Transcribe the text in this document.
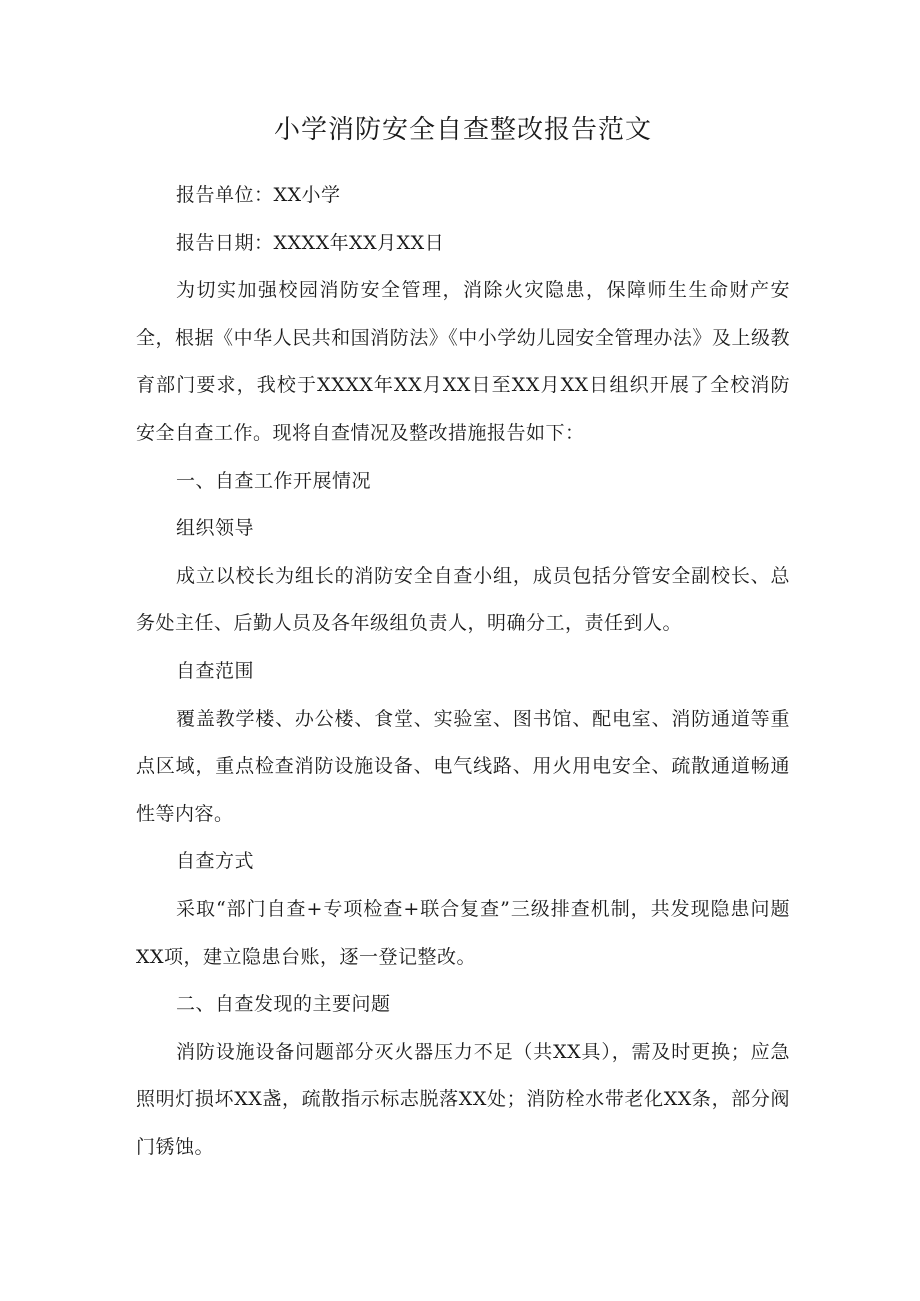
小学消防安全自查整改报告范文

报告单位：XX小学

报告日期：XXXX年XX月XX日

为切实加强校园消防安全管理，消除火灾隐患，保障师生生命财产安全，根据《中华人民共和国消防法》《中小学幼儿园安全管理办法》及上级教育部门要求，我校于XXXX年XX月XX日至XX月XX日组织开展了全校消防安全自查工作。现将自查情况及整改措施报告如下：

一、自查工作开展情况

组织领导

成立以校长为组长的消防安全自查小组，成员包括分管安全副校长、总务处主任、后勤人员及各年级组负责人，明确分工，责任到人。

自查范围

覆盖教学楼、办公楼、食堂、实验室、图书馆、配电室、消防通道等重点区域，重点检查消防设施设备、电气线路、用火用电安全、疏散通道畅通性等内容。

自查方式

采取“部门自查+专项检查+联合复查”三级排查机制，共发现隐患问题XX项，建立隐患台账，逐一登记整改。

二、自查发现的主要问题

消防设施设备问题部分灭火器压力不足（共XX具），需及时更换；应急照明灯损坏XX盏，疏散指示标志脱落XX处；消防栓水带老化XX条，部分阀门锈蚀。
